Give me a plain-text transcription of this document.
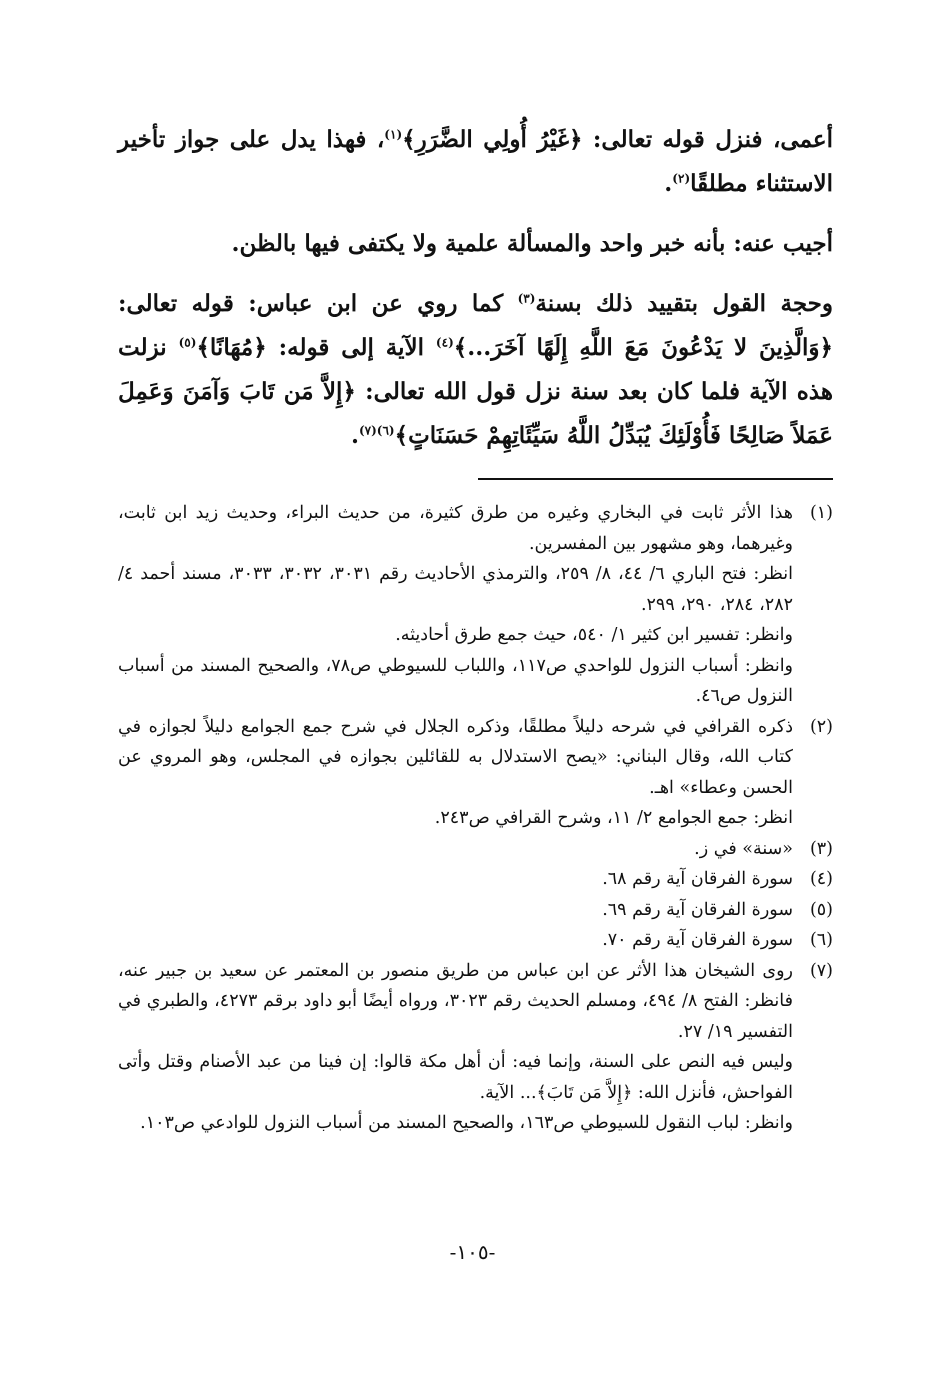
أعمى، فنزل قوله تعالى: ﴿غَيْرُ أُولِي الضَّرَرِ﴾$^{(١)}$، فهذا يدل على جواز تأخير الاستثناء مطلقًا$^{(٢)}$.

أجيب عنه: بأنه خبر واحد والمسألة علمية ولا يكتفى فيها بالظن.

وحجة القول بتقييد ذلك بسنة$^{(٣)}$ كما روي عن ابن عباس: قوله تعالى: ﴿وَالَّذِينَ لا يَدْعُونَ مَعَ اللَّهِ إِلَهًا آخَرَ...﴾$^{(٤)}$ الآية إلى قوله: ﴿مُهَانًا﴾$^{(٥)}$ نزلت هذه الآية فلما كان بعد سنة نزل قول الله تعالى: ﴿إِلاَّ مَن تَابَ وَآمَنَ وَعَمِلَ عَمَلاً صَالِحًا فَأُوْلَئِكَ يُبَدِّلُ اللَّهُ سَيِّئَاتِهِمْ حَسَنَاتٍ﴾$^{(٦)(٧)}$.

(١)
هذا الأثر ثابت في البخاري وغيره من طرق كثيرة، من حديث البراء، وحديث زيد ابن ثابت، وغيرهما، وهو مشهور بين المفسرين.
انظر: فتح الباري ٦/ ٤٤، ٨/ ٢٥٩، والترمذي الأحاديث رقم ٣٠٣١، ٣٠٣٢، ٣٠٣٣، مسند أحمد ٤/ ٢٨٢، ٢٨٤، ٢٩٠، ٢٩٩.
وانظر: تفسير ابن كثير ١/ ٥٤٠، حيث جمع طرق أحاديثه.
وانظر: أسباب النزول للواحدي ص١١٧، واللباب للسيوطي ص٧٨، والصحيح المسند من أسباب النزول ص٤٦.
(٢)
ذكره القرافي في شرحه دليلاً مطلقًا، وذكره الجلال في شرح جمع الجوامع دليلاً لجوازه في كتاب الله، وقال البناني: «يصح الاستدلال به للقائلين بجوازه في المجلس، وهو المروي عن الحسن وعطاء» اهـ.
انظر: جمع الجوامع ٢/ ١١، وشرح القرافي ص٢٤٣.
(٣)
«سنة» في ز.
(٤)
سورة الفرقان آية رقم ٦٨.
(٥)
سورة الفرقان آية رقم ٦٩.
(٦)
سورة الفرقان آية رقم ٧٠.
(٧)
روى الشيخان هذا الأثر عن ابن عباس من طريق منصور بن المعتمر عن سعيد بن جبير عنه، فانظر: الفتح ٨/ ٤٩٤، ومسلم الحديث رقم ٣٠٢٣، ورواه أيضًا أبو داود برقم ٤٢٧٣، والطبري في التفسير ١٩/ ٢٧.
وليس فيه النص على السنة، وإنما فيه: أن أهل مكة قالوا: إن فينا من عبد الأصنام وقتل وأتى الفواحش، فأنزل الله: ﴿إِلاَّ مَن تَابَ﴾... الآية.
وانظر: لباب النقول للسيوطي ص١٦٣، والصحيح المسند من أسباب النزول للوادعي ص١٠٣.
-١٠٥-
